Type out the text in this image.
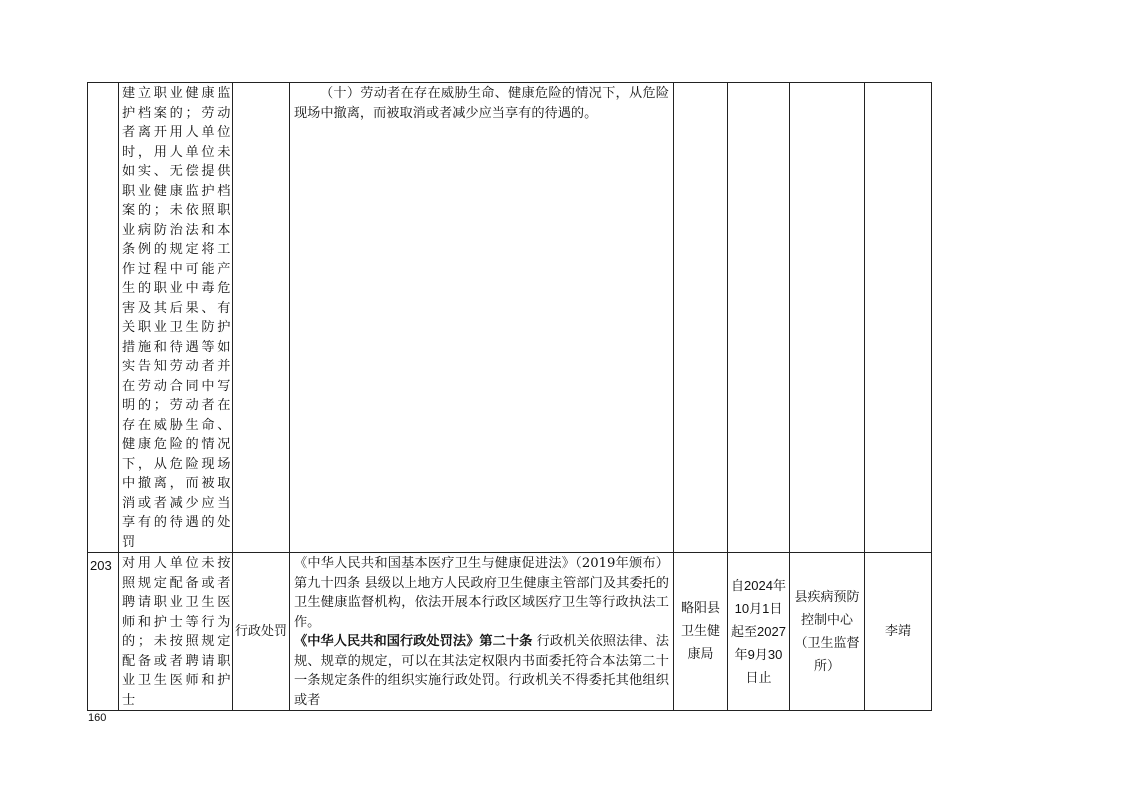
	建立职业健康监护档案的；劳动者离开用人单位时，用人单位未如实、无偿提供职业健康监护档案的；未依照职业病防治法和本条例的规定将工作过程中可能产生的职业中毒危害及其后果、有关职业卫生防护措施和待遇等如实告知劳动者并在劳动合同中写明的；劳动者在存在威胁生命、健康危险的情况下，从危险现场中撤离，而被取消或者减少应当享有的待遇的处罚		（十）劳动者在存在威胁生命、健康危险的情况下，从危险现场中撤离，而被取消或者减少应当享有的待遇的。				

203	对用人单位未按照规定配备或者聘请职业卫生医师和护士等行为的；未按照规定配备或者聘请职业卫生医师和护士	行政处罚	《中华人民共和国基本医疗卫生与健康促进法》（2019年颁布）第九十四条 县级以上地方人民政府卫生健康主管部门及其委托的卫生健康监督机构，依法开展本行政区域医疗卫生等行政执法工作。
《中华人民共和国行政处罚法》第二十条 行政机关依照法律、法规、规章的规定，可以在其法定权限内书面委托符合本法第二十一条规定条件的组织实施行政处罚。行政机关不得委托其他组织或者	略阳县卫生健康局	自2024年10月1日起至2027年9月30日止	县疾病预防控制中心（卫生监督所）	李靖
160
